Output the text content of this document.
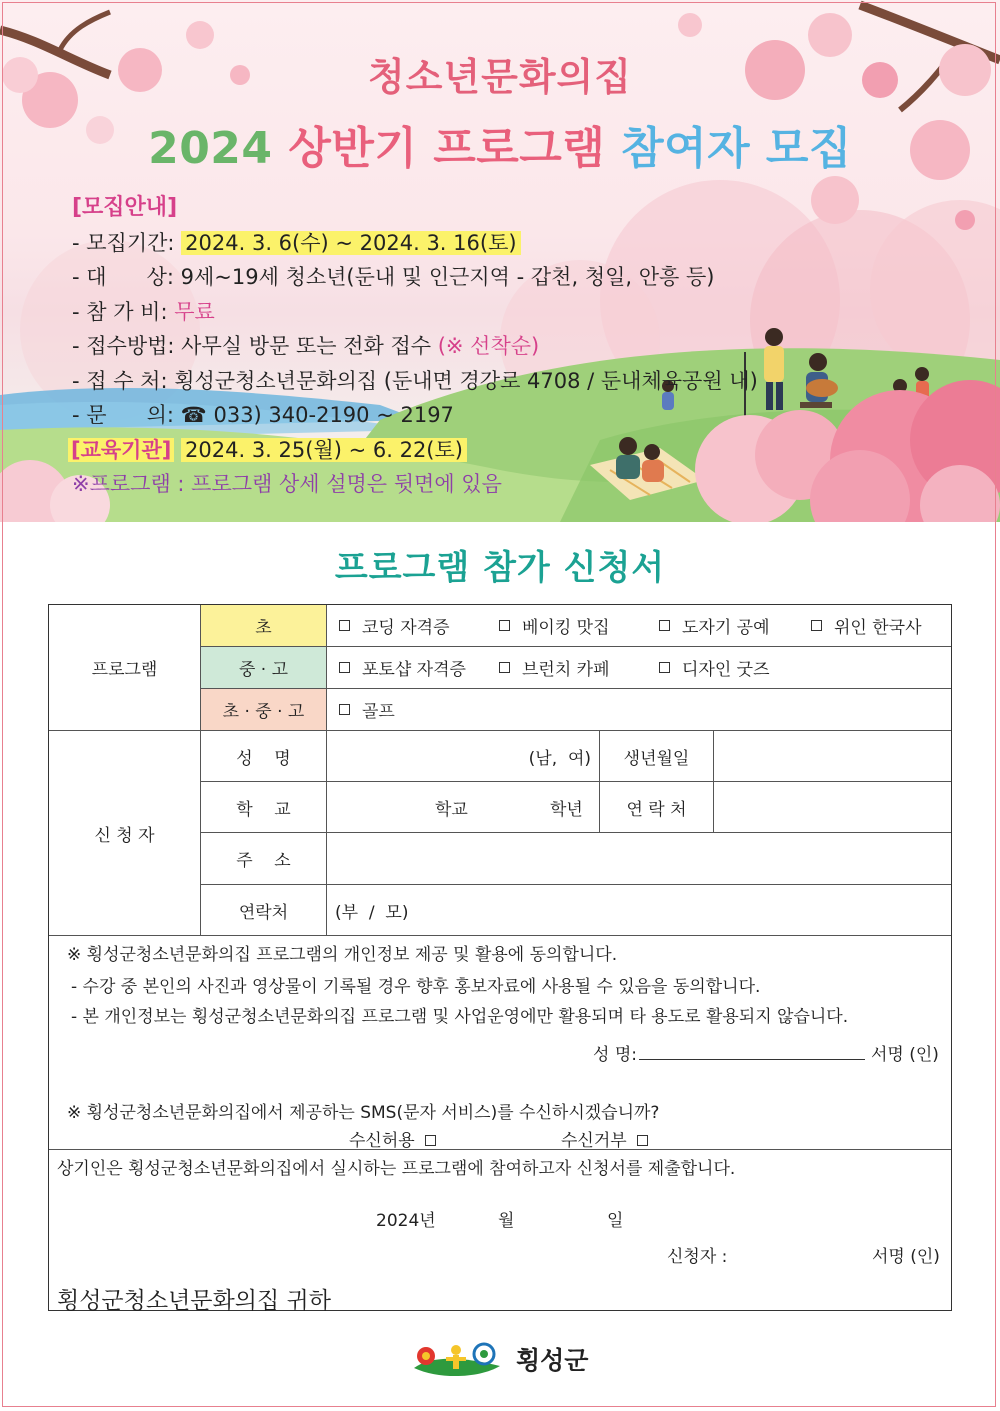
청소년문화의집
2024 상반기 프로그램 참여자 모집
[모집안내]
- 모집기간: 2024. 3. 6(수) ~ 2024. 3. 16(토)
- 대      상: 9세~19세 청소년(둔내 및 인근지역 - 갑천, 청일, 안흥 등)
- 참 가 비: 무료
- 접수방법: 사무실 방문 또는 전화 접수 (※ 선착순)
- 접 수 처: 횡성군청소년문화의집 (둔내면 경강로 4708 / 둔내체육공원 내)
- 문      의: ☎ 033) 340-2190 ~ 2197
[교육기관] 2024. 3. 25(월) ~ 6. 22(토)
※프로그램 : 프로그램 상세 설명은 뒷면에 있음
프로그램 참가 신청서
프로그램
초	코딩 자격증	베이킹 맛집	도자기 공예	위인 한국사
중 · 고	포토샵 자격증	브런치 카페	디자인 굿즈
초 · 중 · 고	골프
신 청 자
성    명	(남,  여)	생년월일
학    교	학교	학년	연 락 처
주    소
연락처	(부  /  모)
※ 횡성군청소년문화의집 프로그램의 개인정보 제공 및 활용에 동의합니다.
- 수강 중 본인의 사진과 영상물이 기록될 경우 향후 홍보자료에 사용될 수 있음을 동의합니다.
- 본 개인정보는 횡성군청소년문화의집 프로그램 및 사업운영에만 활용되며 타 용도로 활용되지 않습니다.
성 명:	서명 (인)
※ 횡성군청소년문화의집에서 제공하는 SMS(문자 서비스)를 수신하시겠습니까?
수신허용	수신거부
상기인은 횡성군청소년문화의집에서 실시하는 프로그램에 참여하고자 신청서를 제출합니다.
2024년	월	일
신청자 :	서명 (인)
횡성군청소년문화의집 귀하
횡성군
